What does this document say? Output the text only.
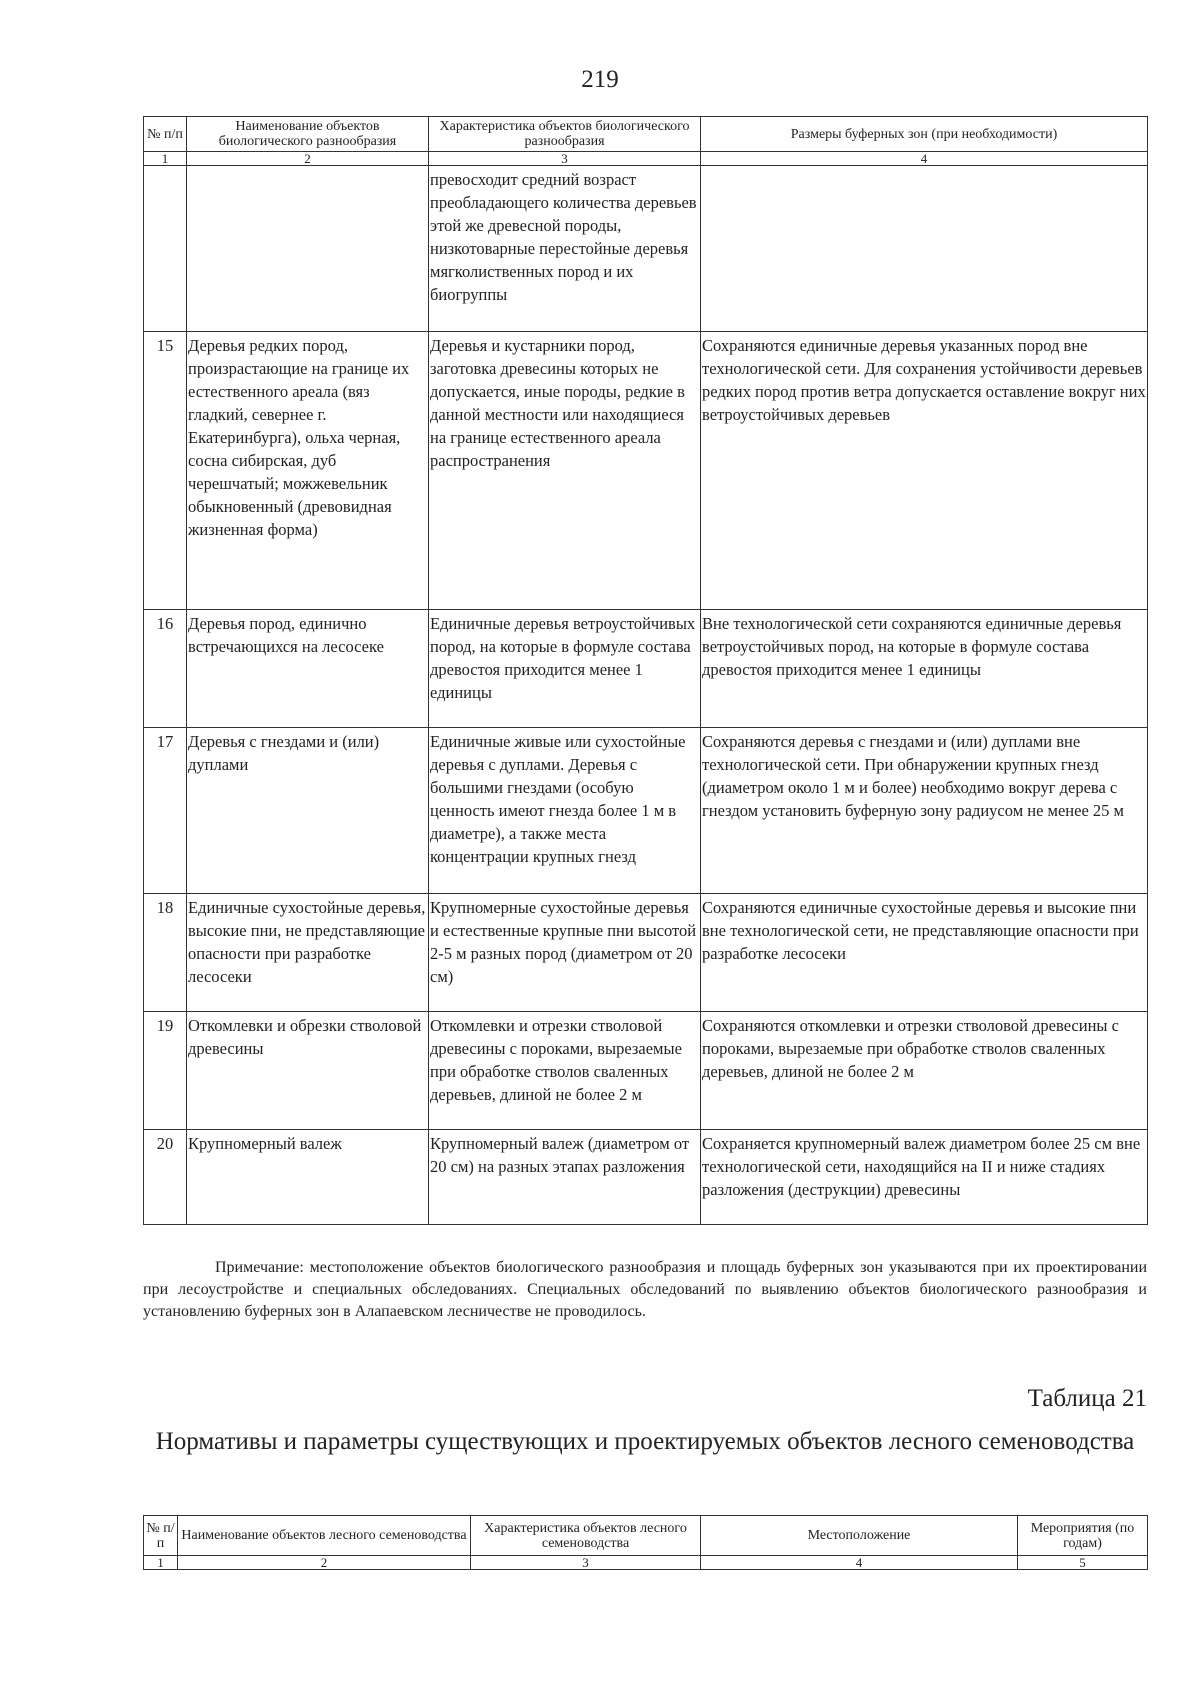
219
№ п/п	Наименование объектов биологического разнообразия	Характеристика объектов биологического разнообразия	Размеры буферных зон (при необходимости)
1	2	3	4
		превосходит средний возраст преобладающего количества деревьев этой же древесной породы, низкотоварные перестойные деревья мягколиственных пород и их биогруппы	
15	Деревья редких пород, произрастающие на границе их естественного ареала (вяз гладкий, севернее г. Екатеринбурга), ольха черная, сосна сибирская, дуб черешчатый; можжевельник обыкновенный (древовидная жизненная форма)	Деревья и кустарники пород, заготовка древесины которых не допускается, иные породы, редкие в данной местности или находящиеся на границе естественного ареала распространения	Сохраняются единичные деревья указанных пород вне технологической сети. Для сохранения устойчивости деревьев редких пород против ветра допускается оставление вокруг них ветроустойчивых деревьев
16	Деревья пород, единично встречающихся на лесосеке	Единичные деревья ветроустойчивых пород, на которые в формуле состава древостоя приходится менее 1 единицы	Вне технологической сети сохраняются единичные деревья ветроустойчивых пород, на которые в формуле состава древостоя приходится менее 1 единицы
17	Деревья с гнездами и (или) дуплами	Единичные живые или сухостойные деревья с дуплами. Деревья с большими гнездами (особую ценность имеют гнезда более 1 м в диаметре), а также места концентрации крупных гнезд	Сохраняются деревья с гнездами и (или) дуплами вне технологической сети. При обнаружении крупных гнезд (диаметром около 1 м и более) необходимо вокруг дерева с гнездом установить буферную зону радиусом не менее 25 м
18	Единичные сухостойные деревья, высокие пни, не представляющие опасности при разработке лесосеки	Крупномерные сухостойные деревья и естественные крупные пни высотой 2-5 м разных пород (диаметром от 20 см)	Сохраняются единичные сухостойные деревья и высокие пни вне технологической сети, не представляющие опасности при разработке лесосеки
19	Откомлевки и обрезки стволовой древесины	Откомлевки и отрезки стволовой древесины с пороками, вырезаемые при обработке стволов сваленных деревьев, длиной не более 2 м	Сохраняются откомлевки и отрезки стволовой древесины с пороками, вырезаемые при обработке стволов сваленных деревьев, длиной не более 2 м
20	Крупномерный валеж	Крупномерный валеж (диаметром от 20 см) на разных этапах разложения	Сохраняется крупномерный валеж диаметром более 25 см вне технологической сети, находящийся на II и ниже стадиях разложения (деструкции) древесины

Примечание: местоположение объектов биологического разнообразия и площадь буферных зон указываются при их проектировании при лесоустройстве и специальных обследованиях. Специальных обследований по выявлению объектов биологического разнообразия и установлению буферных зон в Алапаевском лесничестве не проводилось.

Таблица 21
Нормативы и параметры существующих и проектируемых объектов лесного семеноводства
№ п/п	Наименование объектов лесного семеноводства	Характеристика объектов лесного семеноводства	Местоположение	Мероприятия (по годам)
1	2	3	4	5
